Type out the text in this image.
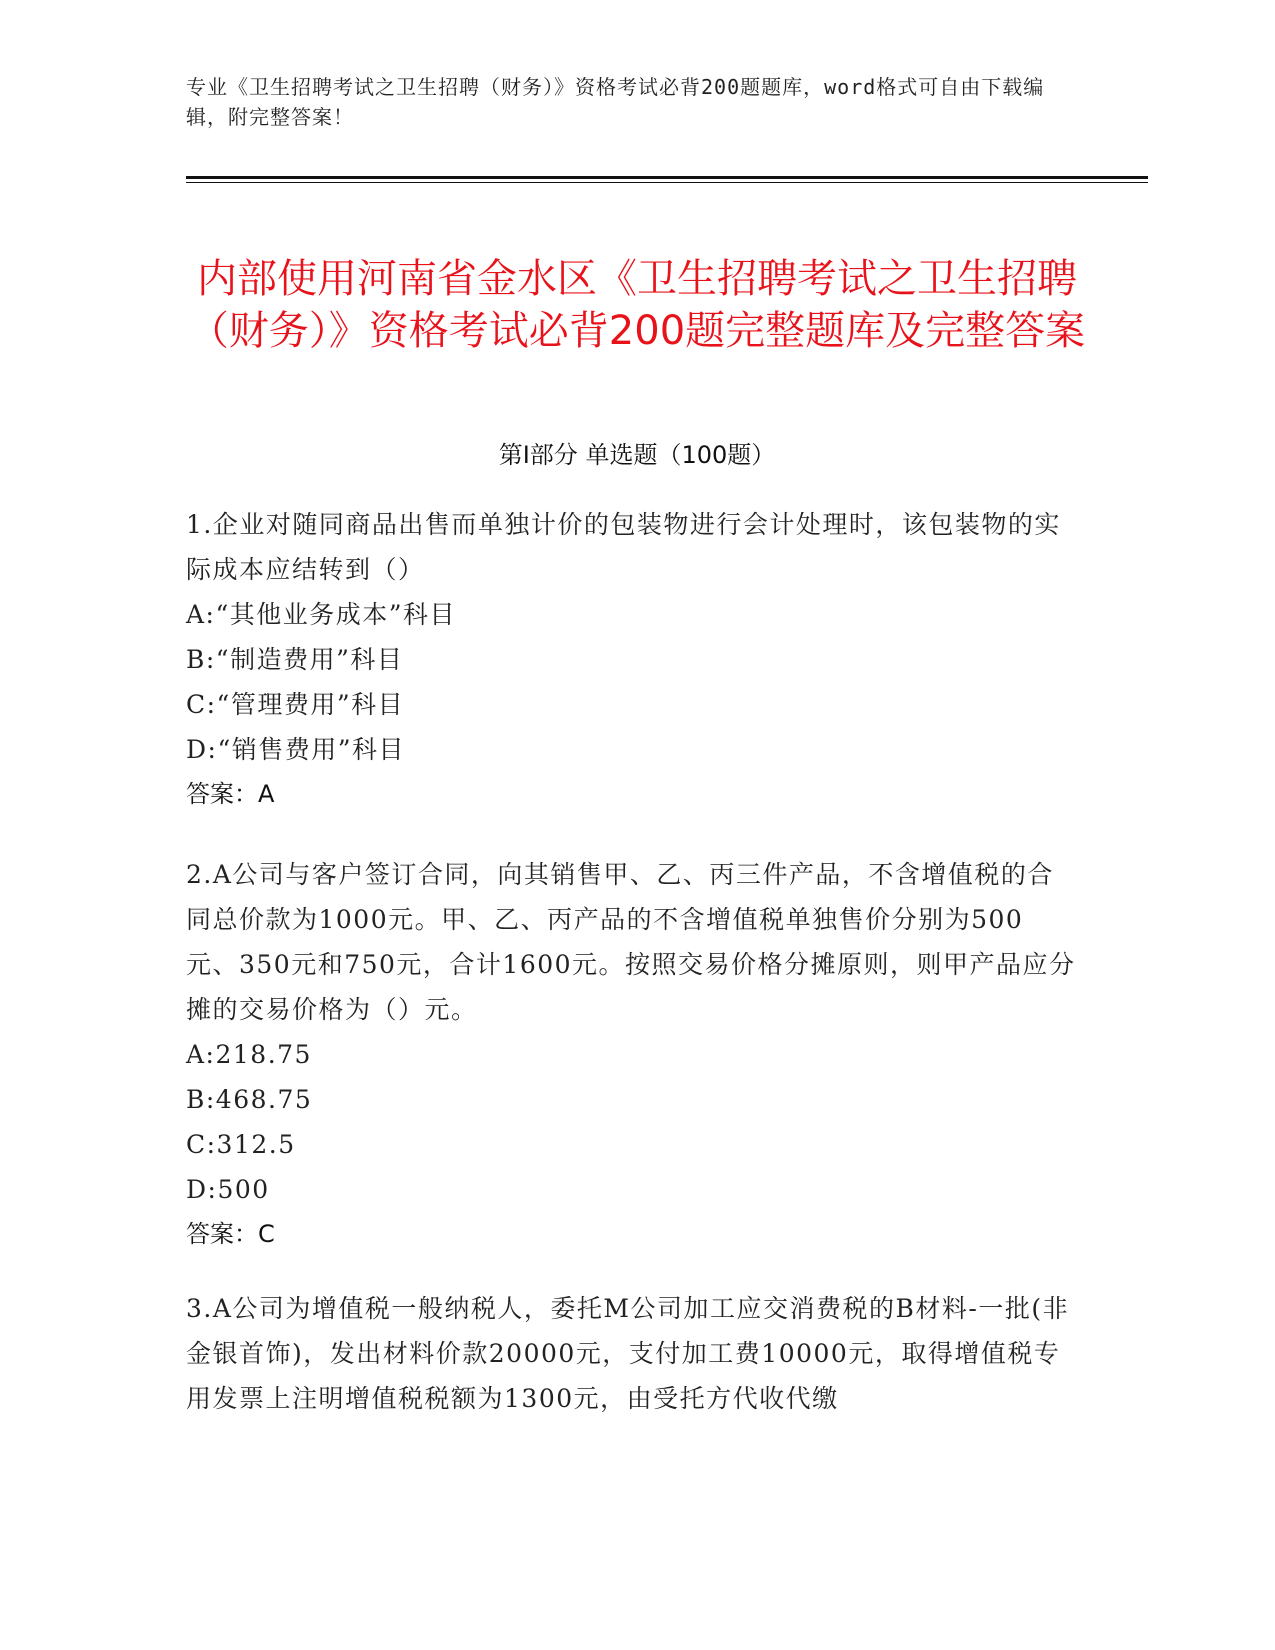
专业《卫生招聘考试之卫生招聘（财务）》资格考试必背200题题库，word格式可自由下载编辑，附完整答案！
内部使用河南省金水区《卫生招聘考试之卫生招聘（财务）》资格考试必背200题完整题库及完整答案
第Ⅰ部分 单选题（100题）
1.企业对随同商品出售而单独计价的包装物进行会计处理时，该包装物的实际成本应结转到（）
A:“其他业务成本”科目
B:“制造费用”科目
C:“管理费用”科目
D:“销售费用”科目
答案：A
2.A公司与客户签订合同，向其销售甲、乙、丙三件产品，不含增值税的合同总价款为1000元。甲、乙、丙产品的不含增值税单独售价分别为500元、350元和750元，合计1600元。按照交易价格分摊原则，则甲产品应分摊的交易价格为（）元。
A:218.75
B:468.75
C:312.5
D:500
答案：C
3.A公司为增值税一般纳税人，委托M公司加工应交消费税的B材料-一批(非金银首饰)，发出材料价款20000元，支付加工费10000元，取得增值税专用发票上注明增值税税额为1300元，由受托方代收代缴
